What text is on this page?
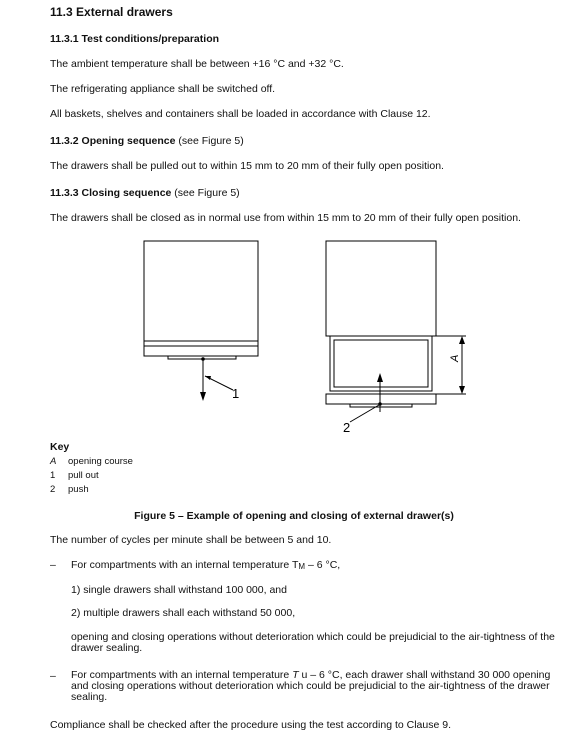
11.3 External drawers
11.3.1 Test conditions/preparation
The ambient temperature shall be between +16 °C and +32 °C.
The refrigerating appliance shall be switched off.
All baskets, shelves and containers shall be loaded in accordance with Clause 12.
11.3.2 Opening sequence (see Figure 5)
The drawers shall be pulled out to within 15 mm to 20 mm of their fully open position.
11.3.3 Closing sequence (see Figure 5)
The drawers shall be closed as in normal use from within 15 mm to 20 mm of their fully open position.
1
2
A
Key
A opening course
1 pull out
2 push
Figure 5 – Example of opening and closing of external drawer(s)
The number of cycles per minute shall be between 5 and 10.
– For compartments with an internal temperature TM – 6 °C,
1) single drawers shall withstand 100 000, and
2) multiple drawers shall each withstand 50 000,
opening and closing operations without deterioration which could be prejudicial to the air-tightness of the drawer sealing.
– For compartments with an internal temperature T u – 6 °C, each drawer shall withstand 30 000 opening and closing operations without deterioration which could be prejudicial to the air-tightness of the drawer sealing.
Compliance shall be checked after the procedure using the test according to Clause 9.
